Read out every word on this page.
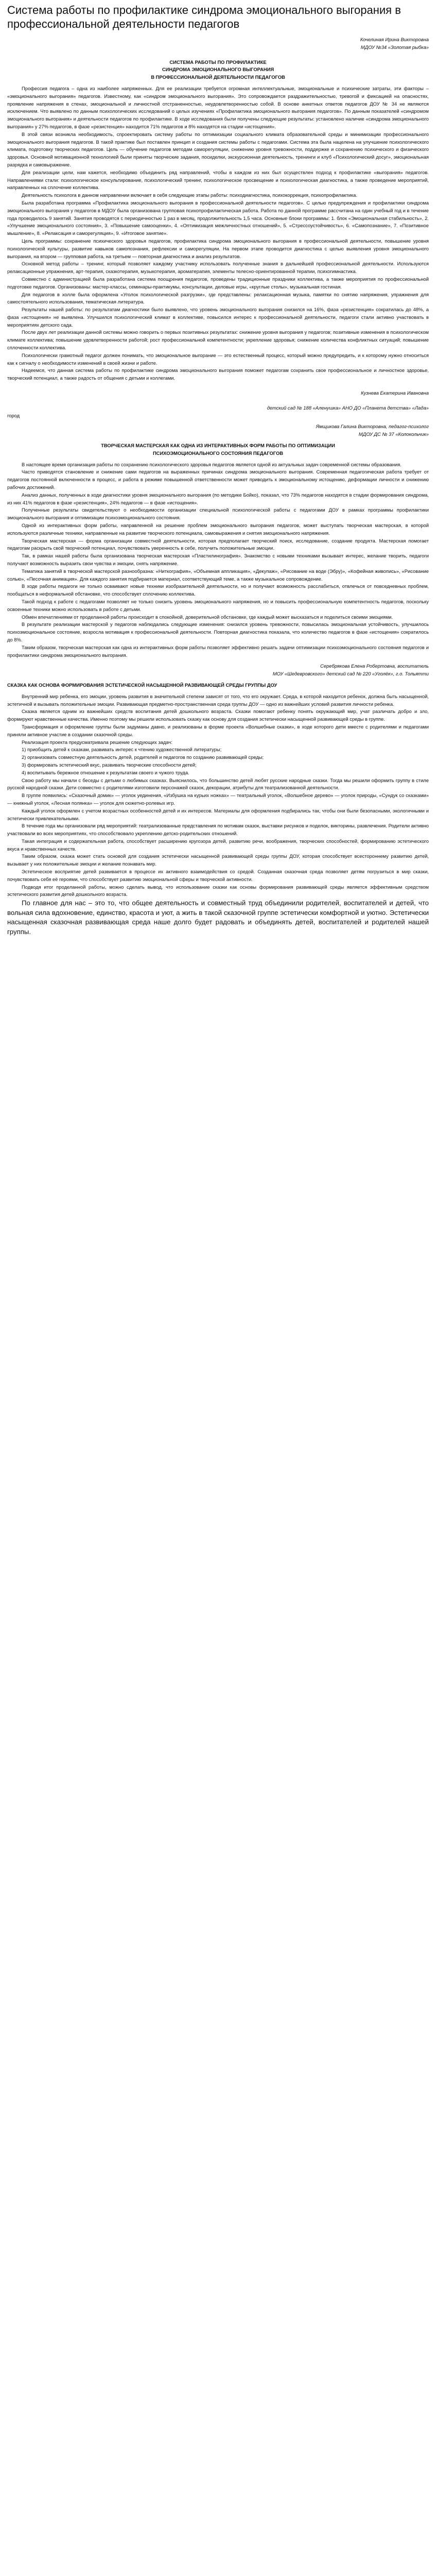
Система работы по профилактике синдрома эмоционального выгорания в профессиональной деятельности педагогов

Кочелиная Ирина Викторовна

МДОУ №34 «Золотая рыбка»

СИСТЕМА РАБОТЫ ПО ПРОФИЛАКТИКЕ

СИНДРОМА ЭМОЦИОНАЛЬНОГО ВЫГОРАНИЯ

В ПРОФЕССИОНАЛЬНОЙ ДЕЯТЕЛЬНОСТИ ПЕДАГОГОВ

Профессия педагога – одна из наиболее напряженных. Для ее реализации требуется огромная интеллектуальные, эмоциональные и психические затраты, эти факторы – «эмоционального выгорания» педагогов. Известному, как «синдром эмоционального выгорания». Это сопровождается раздражительностью, тревогой и фиксацией на опасностях, проявление напряжения в стенах, эмоциональной и личностной отстраненностью, неудовлетворенностью собой. В основе анкетных ответов педагогов ДОУ № 34 не являются исключением. Что выявлено по данным психологических исследований о целых изучениях «Профилактика эмоционального выгорания педагогов». По данным показателей «синдромом эмоционального выгорания» и деятельности педагогов по профилактике. В ходе исследования были получены следующие результаты: установлено наличие «синдрома эмоционального выгорания» у 27% педагогов, в фазе «резистенция» находится 71% педагогов и 8% находятся на стадии «истощения».

В этой связи возникла необходимость, спроектировать систему работы по оптимизации социального климата образовательной среды и минимизации профессионального эмоционального выгорания педагогов. В такой практике был поставлен принцип и создания системы работы с педагогами. Система эта была нацелена на улучшение психологического климата, подготовку творческих педагогов. Цель — обучение педагогов методам саморегуляции, снижению уровня тревожности, поддержке и сохранению психического и физического здоровья. Основной мотивационной технологией были приняты творческие задания, посиделки, экскурсионная деятельность, тренинги и клуб «Психологический досуг», эмоциональная разрядка и самовыражение.

Для реализации цели, нам кажется, необходимо объединить ряд направлений, чтобы в каждом из них был осуществлен подход к профилактике «выгорания» педагогов. Направлениями стали: психологическое консультирование, психологический тренинг, психологическое просвещение и психологическая диагностика, а также проведение мероприятий, направленных на сплочение коллектива.

Деятельность психолога в данном направлении включает в себя следующие этапы работы: психодиагностика, психокоррекция, психопрофилактика.

Была разработана программа «Профилактика эмоционального выгорания в профессиональной деятельности педагогов». С целью предупреждения и профилактики синдрома эмоционального выгорания у педагогов в МДОУ была организована групповая психопрофилактическая работа. Работа по данной программе рассчитана на один учебный год и в течение года проводилось 9 занятий. Занятия проводятся с периодичностью 1 раз в месяц, продолжительность 1,5 часа. Основные блоки программы: 1. блок «Эмоциональная стабильность», 2. «Улучшение эмоционального состояния», 3. «Повышение самооценки», 4. «Оптимизация межличностных отношений», 5. «Стрессоустойчивость», 6. «Самопознание», 7. «Позитивное мышление», 8. «Релаксация и саморегуляция», 9. «Итоговое занятие».

Цель программы: сохранение психического здоровья педагогов, профилактика синдрома эмоционального выгорания в профессиональной деятельности, повышение уровня психологической культуры, развитие навыков самопознания, рефлексии и саморегуляции. На первом этапе проводится диагностика с целью выявления уровня эмоционального выгорания, на втором — групповая работа, на третьем — повторная диагностика и анализ результатов.

Основной метод работы – тренинг, который позволяет каждому участнику использовать полученные знания в дальнейшей профессиональной деятельности. Используются релаксационные упражнения, арт-терапия, сказкотерапия, музыкотерапия, ароматерапия, элементы телесно-ориентированной терапии, психогимнастика.

Совместно с администрацией была разработана система поощрения педагогов, проведены традиционные праздники коллектива, а также мероприятия по профессиональной подготовке педагогов. Организованы: мастер-классы, семинары-практикумы, консультации, деловые игры, «круглые столы», музыкальная гостиная.

Для педагогов в холле была оформлена «Уголок психологической разгрузки», где представлены: релаксационная музыка, памятки по снятию напряжения, упражнения для самостоятельного использования, тематическая литература.

Результаты нашей работы: по результатам диагностики было выявлено, что уровень эмоционального выгорания снизился на 16%, фаза «резистенция» сократилась до 48%, а фаза «истощения» не выявлена. Улучшился психологический климат в коллективе, повысился интерес к профессиональной деятельности, педагоги стали активно участвовать в мероприятиях детского сада.

После двух лет реализации данной системы можно говорить о первых позитивных результатах: снижение уровня выгорания у педагогов; позитивные изменения в психологическом климате коллектива; повышение удовлетворенности работой; рост профессиональной компетентности; укрепление здоровья; снижение количества конфликтных ситуаций; повышение сплоченности коллектива.

Психологически грамотный педагог должен понимать, что эмоциональное выгорание — это естественный процесс, который можно предупредить, и к которому нужно относиться как к сигналу о необходимости изменений в своей жизни и работе.

Надеемся, что данная система работы по профилактике синдрома эмоционального выгорания поможет педагогам сохранить свое профессиональное и личностное здоровье, творческий потенциал, а также радость от общения с детьми и коллегами.

Кузнева Екатерина Ивановна

детский сад № 188 «Аленушка» АНО ДО «Планета детства» «Лада»

город

Ямщикова Галина Викторовна, педагог-психолог

МДОУ ДС № 37 «Колокольчик»

ТВОРЧЕСКАЯ МАСТЕРСКАЯ КАК ОДНА ИЗ ИНТЕРАКТИВНЫХ ФОРМ РАБОТЫ ПО ОПТИМИЗАЦИИ

ПСИХОЭМОЦИОНАЛЬНОГО СОСТОЯНИЯ ПЕДАГОГОВ

В настоящее время организация работы по сохранению психологического здоровья педагогов является одной из актуальных задач современной системы образования.

Часто приводятся становление и снижение сами педагогов на выраженных причинах синдрома эмоционального выгорания. Современная педагогическая работа требует от педагогов постоянной включенности в процесс, и работа в режиме повышенной ответственности может приводить к эмоциональному истощению, деформации личности и снижению рабочих достижений.

Анализ данных, полученных в ходе диагностики уровня эмоционального выгорания (по методике Бойко), показал, что 73% педагогов находятся в стадии формирования синдрома, из них 41% педагогов в фазе «резистенция», 24% педагогов — в фазе «истощения».

Полученные результаты свидетельствуют о необходимости организации специальной психологической работы с педагогами ДОУ в рамках программы профилактики эмоционального выгорания и оптимизации психоэмоционального состояния.

Одной из интерактивных форм работы, направленной на решение проблем эмоционального выгорания педагогов, может выступать творческая мастерская, в которой используются различные техники, направленные на развитие творческого потенциала, самовыражения и снятия эмоционального напряжения.

Творческая мастерская — форма организации совместной деятельности, которая предполагает творческий поиск, исследование, создание продукта. Мастерская помогает педагогам раскрыть свой творческий потенциал, почувствовать уверенность в себе, получить положительные эмоции.

Так, в рамках нашей работы была организована творческая мастерская «Пластилинография». Знакомство с новыми техниками вызывает интерес, желание творить, педагоги получают возможность выразить свои чувства и эмоции, снять напряжение.

Тематика занятий в творческой мастерской разнообразна: «Ниткография», «Объемная аппликация», «Декупаж», «Рисование на воде (Эбру)», «Кофейная живопись», «Рисование солью», «Песочная анимация». Для каждого занятия подбирается материал, соответствующий теме, а также музыкальное сопровождение.

В ходе работы педагоги не только осваивают новые техники изобразительной деятельности, но и получают возможность расслабиться, отвлечься от повседневных проблем, пообщаться в неформальной обстановке, что способствует сплочению коллектива.

Такой подход к работе с педагогами позволяет не только снизить уровень эмоционального напряжения, но и повысить профессиональную компетентность педагогов, поскольку освоенные техники можно использовать в работе с детьми.

Обмен впечатлениями от проделанной работы происходит в спокойной, доверительной обстановке, где каждый может высказаться и поделиться своими эмоциями.

В результате реализации мастерской у педагогов наблюдались следующие изменения: снизился уровень тревожности, повысилась эмоциональная устойчивость, улучшилось психоэмоциональное состояние, возросла мотивация к профессиональной деятельности. Повторная диагностика показала, что количество педагогов в фазе «истощения» сократилось до 8%.

Таким образом, творческая мастерская как одна из интерактивных форм работы позволяет эффективно решать задачи оптимизации психоэмоционального состояния педагогов и профилактики синдрома эмоционального выгорания.

Серебрякова Елена Робертовна, воспитатель

МОУ «Шедевровского» детский сад № 220 «Уголёк», г.о. Тольятти

СКАЗКА КАК ОСНОВА ФОРМИРОВАНИЯ ЭСТЕТИЧЕСКОЙ НАСЫЩЕННОЙ РАЗВИВАЮЩЕЙ СРЕДЫ ГРУППЫ ДОУ

Внутренний мир ребенка, его эмоции, уровень развития в значительной степени зависят от того, что его окружает. Среда, в которой находится ребенок, должна быть насыщенной, эстетичной и вызывать положительные эмоции. Развивающая предметно-пространственная среда группы ДОУ — одно из важнейших условий развития личности ребенка.

Сказка является одним из важнейших средств воспитания детей дошкольного возраста. Сказки помогают ребенку понять окружающий мир, учат различать добро и зло, формируют нравственные качества. Именно поэтому мы решили использовать сказку как основу для создания эстетически насыщенной развивающей среды в группе.

Трансформация и оформление группы были задуманы давно, и реализованы в форме проекта «Волшебные сказки», в ходе которого дети вместе с родителями и педагогами приняли активное участие в создании сказочной среды.

Реализация проекта предусматривала решение следующих задач:

1) приобщить детей к сказкам, развивать интерес к чтению художественной литературы;

2) организовать совместную деятельность детей, родителей и педагогов по созданию развивающей среды;

3) формировать эстетический вкус, развивать творческие способности детей;

4) воспитывать бережное отношение к результатам своего и чужого труда.

Свою работу мы начали с беседы с детьми о любимых сказках. Выяснилось, что большинство детей любят русские народные сказки. Тогда мы решили оформить группу в стиле русской народной сказки. Дети совместно с родителями изготовили персонажей сказок, декорации, атрибуты для театрализованной деятельности.

В группе появились: «Сказочный домик» — уголок уединения, «Избушка на курьих ножках» — театральный уголок, «Волшебное дерево» — уголок природы, «Сундук со сказками» — книжный уголок, «Лесная полянка» — уголок для сюжетно-ролевых игр.

Каждый уголок оформлен с учетом возрастных особенностей детей и их интересов. Материалы для оформления подбирались так, чтобы они были безопасными, экологичными и эстетически привлекательными.

В течение года мы организовали ряд мероприятий: театрализованные представления по мотивам сказок, выставки рисунков и поделок, викторины, развлечения. Родители активно участвовали во всех мероприятиях, что способствовало укреплению детско-родительских отношений.

Такая интеграция и содержательная работа, способствует расширению кругозора детей, развитию речи, воображения, творческих способностей, формированию эстетического вкуса и нравственных качеств.

Таким образом, сказка может стать основой для создания эстетически насыщенной развивающей среды группы ДОУ, которая способствует всестороннему развитию детей, вызывает у них положительные эмоции и желание познавать мир.

Эстетическое восприятие детей развивается в процессе их активного взаимодействия со средой. Созданная сказочная среда позволяет детям погрузиться в мир сказки, почувствовать себя её героями, что способствует развитию эмоциональной сферы и творческой активности.

Подводя итог проделанной работы, можно сделать вывод, что использование сказки как основы формирования развивающей среды является эффективным средством эстетического развития детей дошкольного возраста.

По главное для нас – это то, что общее деятельность и совместный труд объединили родителей, воспитателей и детей, что вольная сила вдохновение, единство, красота и уют, а жить в такой сказочной группе эстетически комфортной и уютно. Эстетически насыщенная сказочная развивающая среда наше долго будет радовать и объединять детей, воспитателей и родителей нашей группы.
